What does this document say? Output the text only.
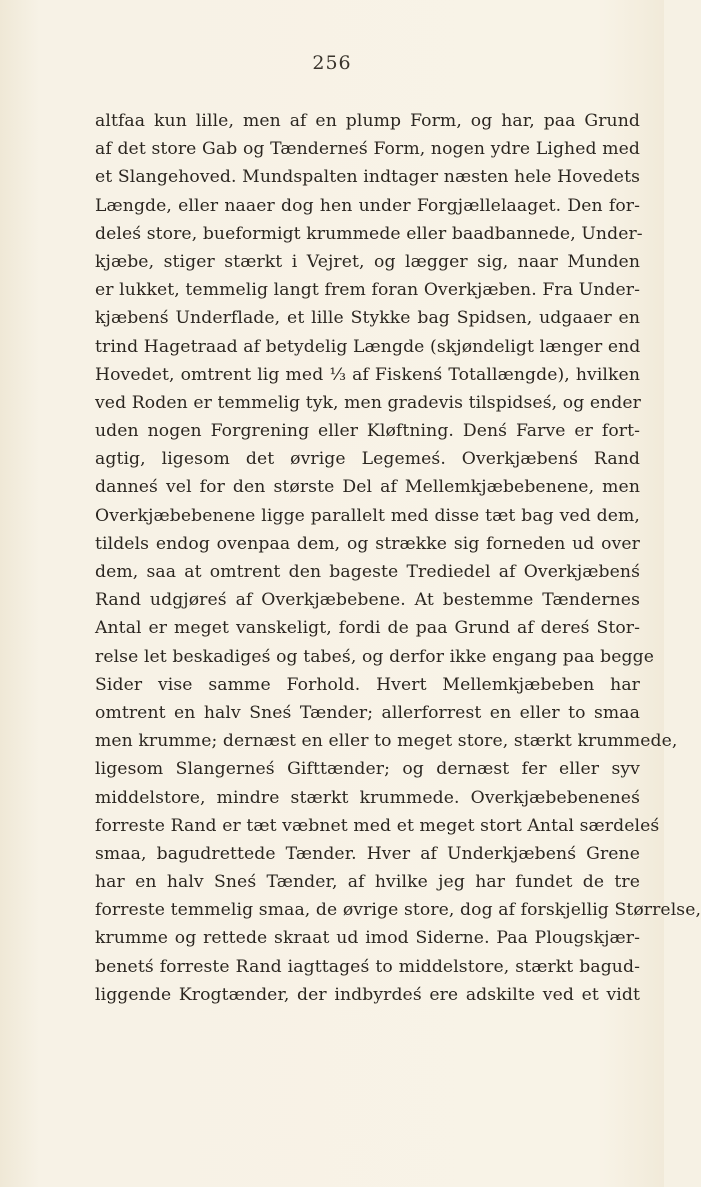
256
altfaa kun lille, men af en plump Form, og har, paa Grund
af det store Gab og Tænderneś Form, nogen ydre Lighed med
et Slangehoved. Mundspalten indtager næsten hele Hovedets
Længde, eller naaer dog hen under Forgjællelaaget. Den for-
deleś store, bueformigt krummede eller baadbannede, Under-
kjæbe, stiger stærkt i Vejret, og lægger sig, naar Munden
er lukket, temmelig langt frem foran Overkjæben. Fra Under-
kjæbenś Underflade, et lille Stykke bag Spidsen, udgaaer en
trind Hagetraad af betydelig Længde (skjøndeligt længer end
Hovedet, omtrent lig med ⅓ af Fiskenś Totallængde), hvilken
ved Roden er temmelig tyk, men gradevis tilspidseś, og ender
uden nogen Forgrening eller Kløftning. Denś Farve er fort-
agtig, ligesom det øvrige Legemeś. Overkjæbenś Rand
danneś vel for den største Del af Mellemkjæbebenene, men
Overkjæbebenene ligge parallelt med disse tæt bag ved dem,
tildels endog ovenpaa dem, og strække sig forneden ud over
dem, saa at omtrent den bageste Trediedel af Overkjæbenś
Rand udgjøreś af Overkjæbebene. At bestemme Tændernes
Antal er meget vanskeligt, fordi de paa Grund af dereś Stor-
relse let beskadigeś og tabeś, og derfor ikke engang paa begge
Sider vise samme Forhold. Hvert Mellemkjæbeben har
omtrent en halv Sneś Tænder; allerforrest en eller to smaa
men krumme; dernæst en eller to meget store, stærkt krummede,
ligesom Slangerneś Gifttænder; og dernæst fer eller syv
middelstore, mindre stærkt krummede. Overkjæbebeneneś
forreste Rand er tæt væbnet med et meget stort Antal særdeleś
smaa, bagudrettede Tænder. Hver af Underkjæbenś Grene
har en halv Sneś Tænder, af hvilke jeg har fundet de tre
forreste temmelig smaa, de øvrige store, dog af forskjellig Størrelse,
krumme og rettede skraat ud imod Siderne. Paa Plougskjær-
benetś forreste Rand iagttageś to middelstore, stærkt bagud-
liggende Krogtænder, der indbyrdeś ere adskilte ved et vidt
